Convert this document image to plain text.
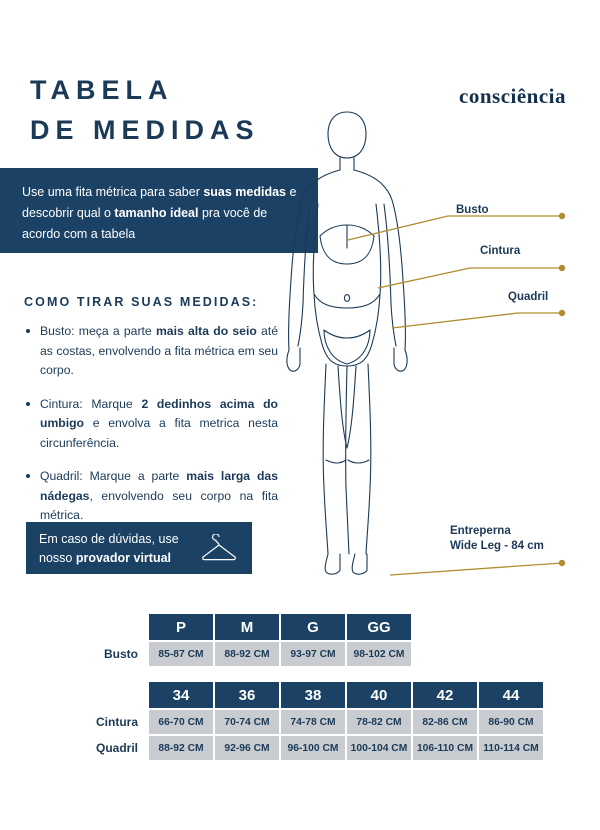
TABELA
DE MEDIDAS
consciência
Use uma fita métrica para saber suas medidas e descobrir qual o tamanho ideal pra você de acordo com a tabela
COMO TIRAR SUAS MEDIDAS:
Busto: meça a parte mais alta do seio até as costas, envolvendo a fita métrica em seu corpo.
Cintura: Marque 2 dedinhos acima do umbigo e envolva a fita metrica nesta circunferência.
Quadril: Marque a parte mais larga das nádegas, envolvendo seu corpo na fita métrica.
Em caso de dúvidas, use nosso provador virtual
Busto
Cintura
Quadril
Entreperna
Wide Leg - 84 cm
	P	M	G	GG		
Busto	85-87 CM	88-92 CM	93-97 CM	98-102 CM		

	34	36	38	40	42	44
Cintura	66-70 CM	70-74 CM	74-78 CM	78-82 CM	82-86 CM	86-90 CM
Quadril	88-92 CM	92-96 CM	96-100 CM	100-104 CM	106-110 CM	110-114 CM
